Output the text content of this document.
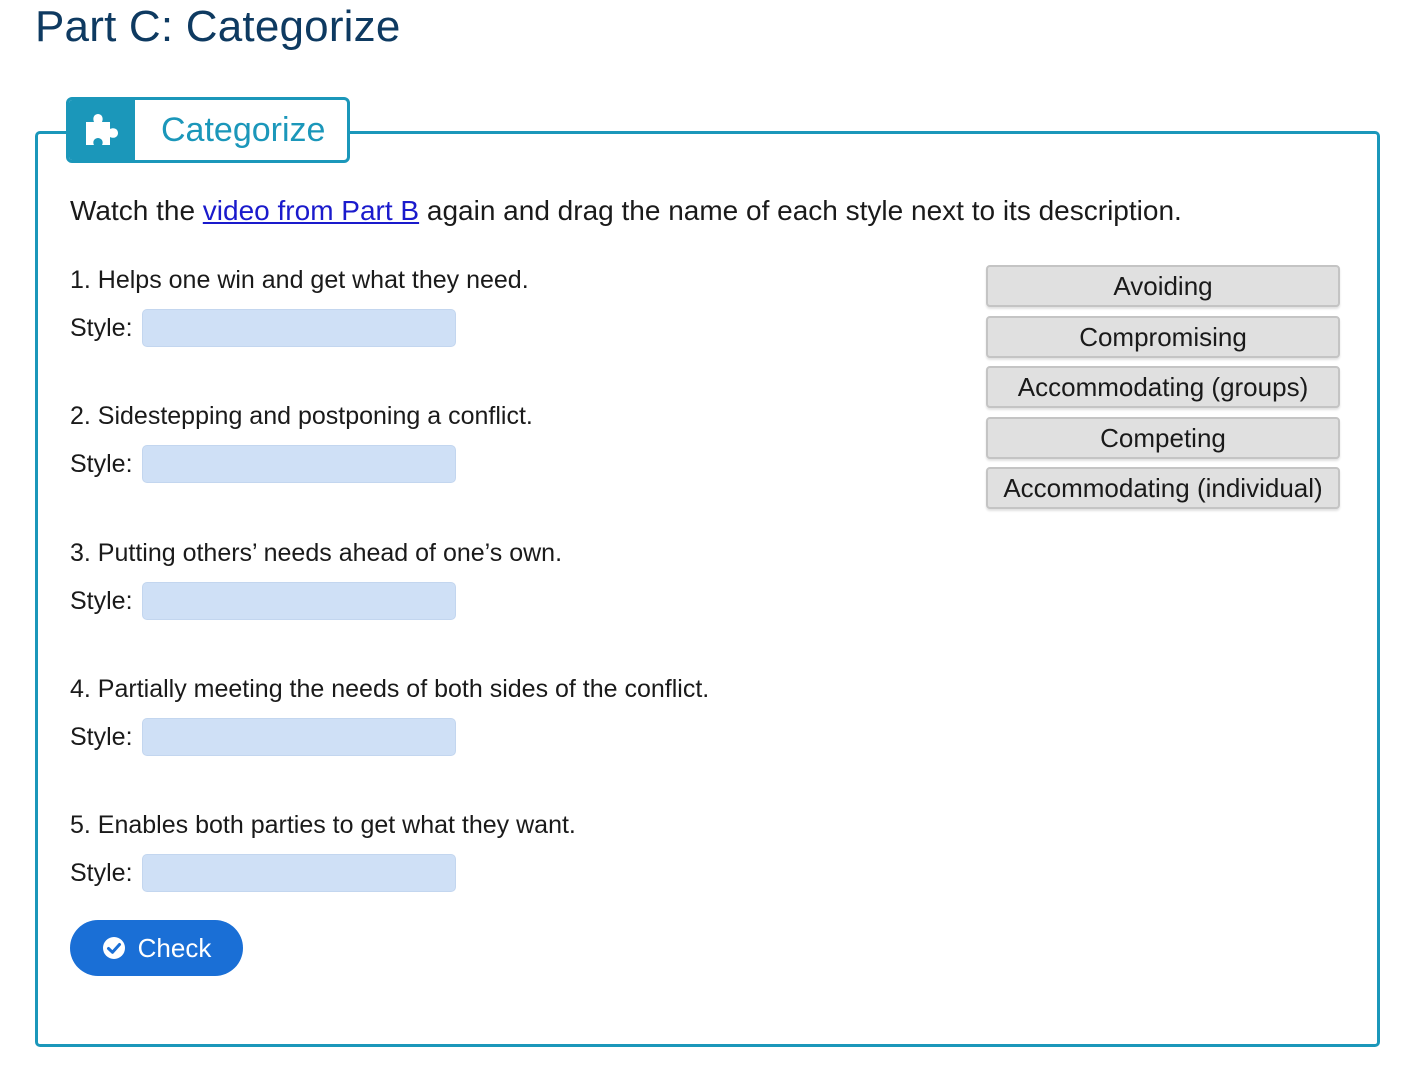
Part C: Categorize
Categorize

Watch the video from Part B again and drag the name of each style next to its description.

1. Helps one win and get what they need.
Style:
2. Sidestepping and postponing a conflict.
Style:
3. Putting others’ needs ahead of one’s own.
Style:
4. Partially meeting the needs of both sides of the conflict.
Style:
5. Enables both parties to get what they want.
Style:
Avoiding
Compromising
Accommodating (groups)
Competing
Accommodating (individual)
Check
